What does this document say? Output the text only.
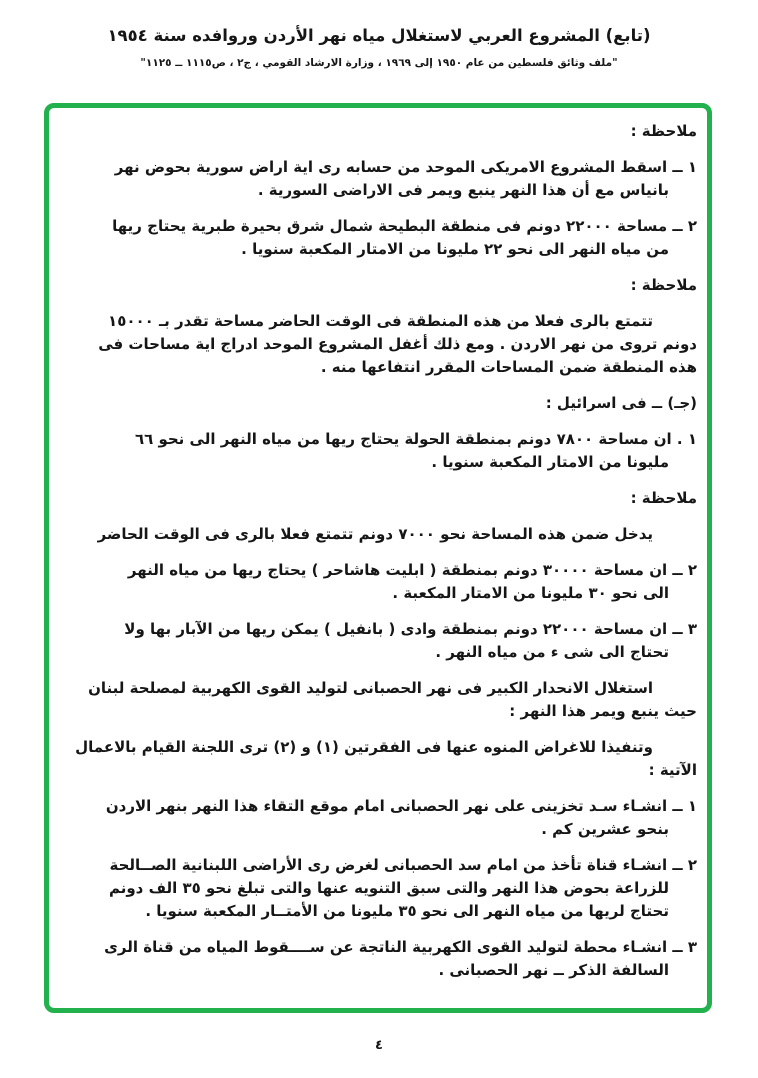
(تابع) المشروع العربي لاستغلال مياه نهر الأردن وروافده سنة ١٩٥٤
"ملف وثائق فلسطين من عام ١٩٥٠ إلى ١٩٦٩ ، وزارة الارشاد القومي ، ج٢ ، ص١١١٥ ــ ١١٢٥"
ملاحظة :
١ ــ اسقط المشروع الامريكى الموحد من حسابه رى اية اراض سورية بحوض نهر
بانياس مع أن هذا النهر ينبع ويمر فى الاراضى السورية .
٢ ــ مساحة ٢٢٠٠٠ دونم فى منطقة البطيحة شمال شرق بحيرة طبرية يحتاج ريها
من مياه النهر الى نحو ٢٢ مليونا من الامتار المكعبة سنويا .
ملاحظة :
تتمتع بالرى فعلا من هذه المنطقة فى الوقت الحاضر مساحة تقدر بـ ١٥٠٠٠
دونم تروى من نهر الاردن . ومع ذلك أغفل المشروع الموحد ادراج اية مساحات فى
هذه المنطقة ضمن المساحات المقرر انتفاعها منه .
(جـ) ــ فى اسرائيل :
١ . ان مساحة ٧٨٠٠ دونم بمنطقة الحولة يحتاج ريها من مياه النهر الى نحو ٦٦
مليونا من الامتار المكعبة سنويا .
ملاحظة :
يدخل ضمن هذه المساحة نحو ٧٠٠٠ دونم تتمتع فعلا بالرى فى الوقت الحاضر
٢ ــ ان مساحة ٣٠٠٠٠ دونم بمنطقة ( ابليت هاشاحر ) يحتاج ريها من مياه النهر
الى نحو ٣٠ مليونا من الامتار المكعبة .
٣ ــ ان مساحة ٢٢٠٠٠ دونم بمنطقة وادى ( بانفيل ) يمكن ريها من الآبار بها ولا
تحتاج الى شى ء من مياه النهر .
استغلال الانحدار الكبير فى نهر الحصبانى لتوليد القوى الكهربية لمصلحة لبنان
حيث ينبع ويمر هذا النهر :
وتنفيذا للاغراض المنوه عنها فى الفقرتين (١) و (٢) ترى اللجنة القيام بالاعمال
الآتية :
١ ــ انشـاء سـد تخزينى على نهر الحصبانى امام موقع التقاء هذا النهر بنهر الاردن
بنحو عشرين كم .
٢ ــ انشـاء قناة تأخذ من امام سد الحصبانى لغرض رى الأراضى اللبنانية الصــالحة
للزراعة بحوض هذا النهر والتى سبق التنويه عنها والتى تبلغ نحو ٣٥ الف دونم
تحتاج لريها من مياه النهر الى نحو ٣٥ مليونا من الأمتــار المكعبة سنويا .
٣ ــ انشـاء محطة لتوليد القوى الكهربية الناتجة عن ســــقوط المياه من قناة الرى
السالفة الذكر ــ نهر الحصبانى .
٤
